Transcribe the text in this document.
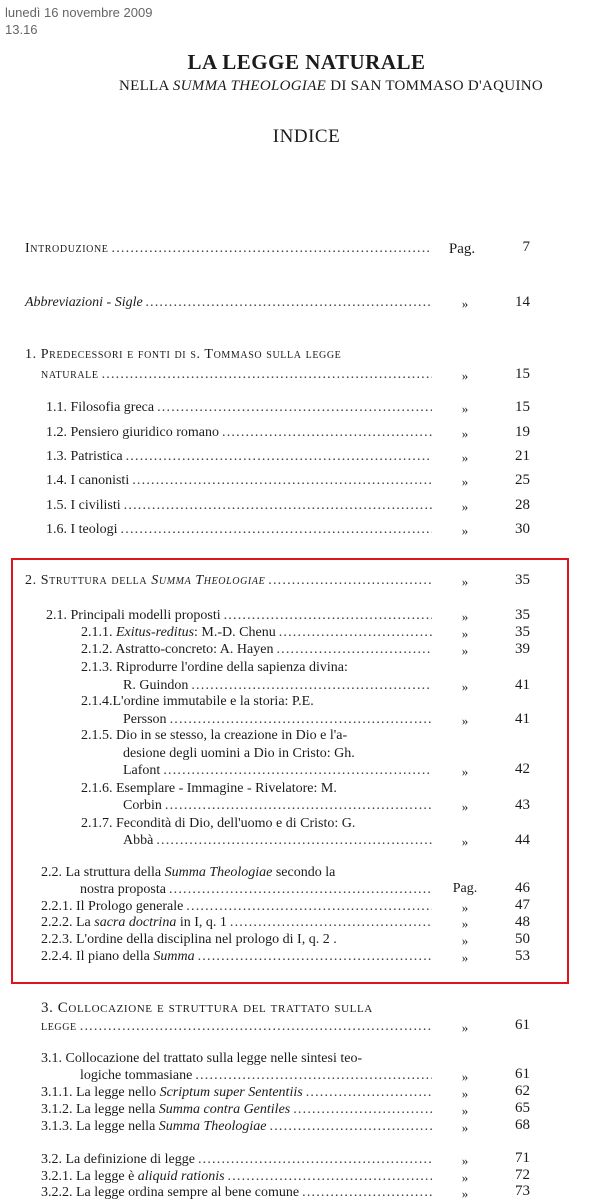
lunedì 16 novembre 2009
13.16
LA LEGGE NATURALE
NELLA SUMMA THEOLOGIAE DI SAN TOMMASO D'AQUINO
INDICE
Introduzione .....	Pag.	7
Abbreviazioni - Sigle .....	»	14
1. Predecessori e fonti di s. Tommaso sulla legge
naturale .....	»	15
1.1. Filosofia greca .....	»	15
1.2. Pensiero giuridico romano .....	»	19
1.3. Patristica .....	»	21
1.4. I canonisti .....	»	25
1.5. I civilisti .....	»	28
1.6. I teologi .....	»	30
2. Struttura della Summa Theologiae .....	»	35
2.1. Principali modelli proposti .....	»	35
2.1.1. Exitus-reditus: M.-D. Chenu .....	»	35
2.1.2. Astratto-concreto: A. Hayen .....	»	39
2.1.3. Riprodurre l'ordine della sapienza divina:
R. Guindon .....	»	41
2.1.4.L'ordine immutabile e la storia: P.E.
Persson .....	»	41
2.1.5. Dio in se stesso, la creazione in Dio e l'a-
desione degli uomini a Dio in Cristo: Gh.
Lafont .....	»	42
2.1.6. Esemplare - Immagine - Rivelatore: M.
Corbin .....	»	43
2.1.7. Fecondità di Dio, dell'uomo e di Cristo: G.
Abbà .....	»	44
2.2. La struttura della Summa Theologiae secondo la
nostra proposta .....	Pag.	46
2.2.1. Il Prologo generale .....	»	47
2.2.2. La sacra doctrina in I, q. 1 .....	»	48
2.2.3. L'ordine della disciplina nel prologo di I, q. 2 .	»	50
2.2.4. Il piano della Summa .....	»	53
3. Collocazione e struttura del trattato sulla
legge .....	»	61
3.1. Collocazione del trattato sulla legge nelle sintesi teo-
logiche tommasiane .....	»	61
3.1.1. La legge nello Scriptum super Sententiis .....	»	62
3.1.2. La legge nella Summa contra Gentiles .....	»	65
3.1.3. La legge nella Summa Theologiae .....	»	68
3.2. La definizione di legge .....	»	71
3.2.1. La legge è aliquid rationis .....	»	72
3.2.2. La legge ordina sempre al bene comune .....	»	73
